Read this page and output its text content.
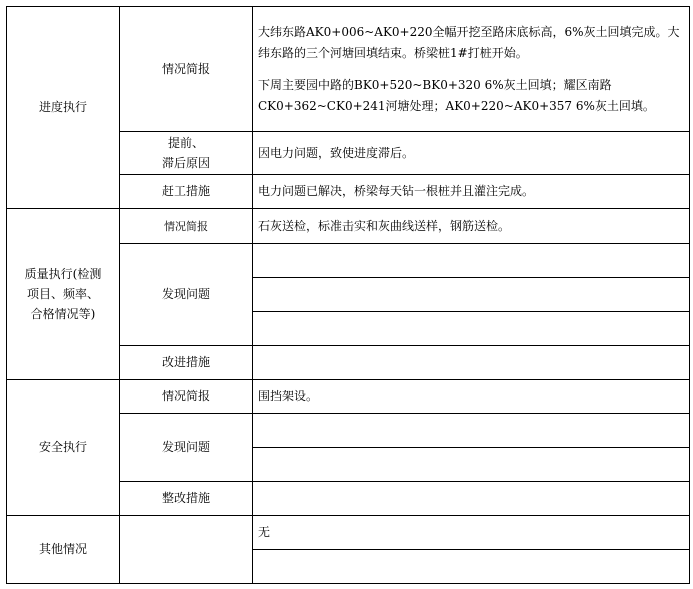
进度执行	情况简报	大纬东路AK0+006~AK0+220全幅开挖至路床底标高，6%灰土回填完成。大纬东路的三个河塘回填结束。桥梁桩1#打桩开始。

下周主要园中路的BK0+520~BK0+320 6%灰土回填；耀区南路CK0+362~CK0+241河塘处理；AK0+220~AK0+357 6%灰土回填。

	提前、
滞后原因	因电力问题，致使进度滞后。
	赶工措施	电力问题已解决，桥梁每天钻一根桩并且灌注完成。

质量执行(检测
项目、频率、
合格情况等)	情况简报	石灰送检，标准击实和灰曲线送样，钢筋送检。
	发现问题	

	改进措施	
安全执行	情况简报	围挡架设。
	发现问题	

	整改措施	
其他情况		无
